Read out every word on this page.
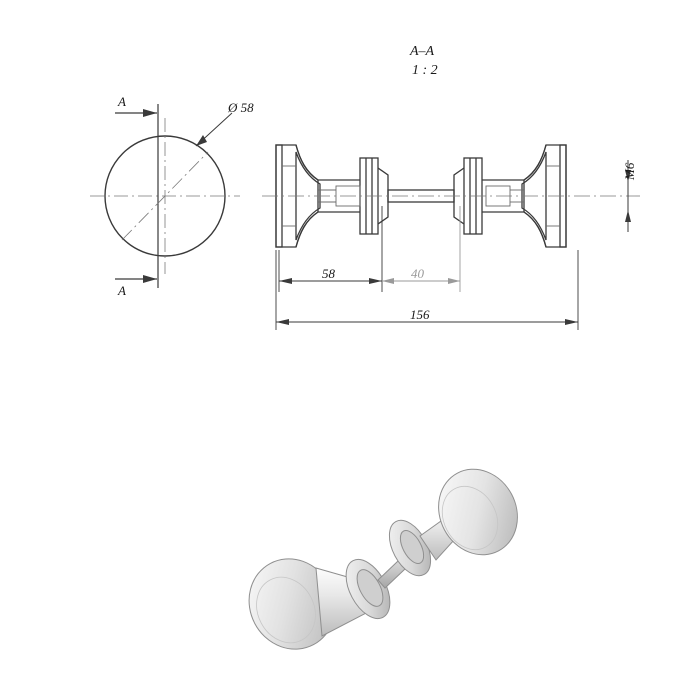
A–A
1 : 2
A
A
Ø 58
M6
58	40
156
